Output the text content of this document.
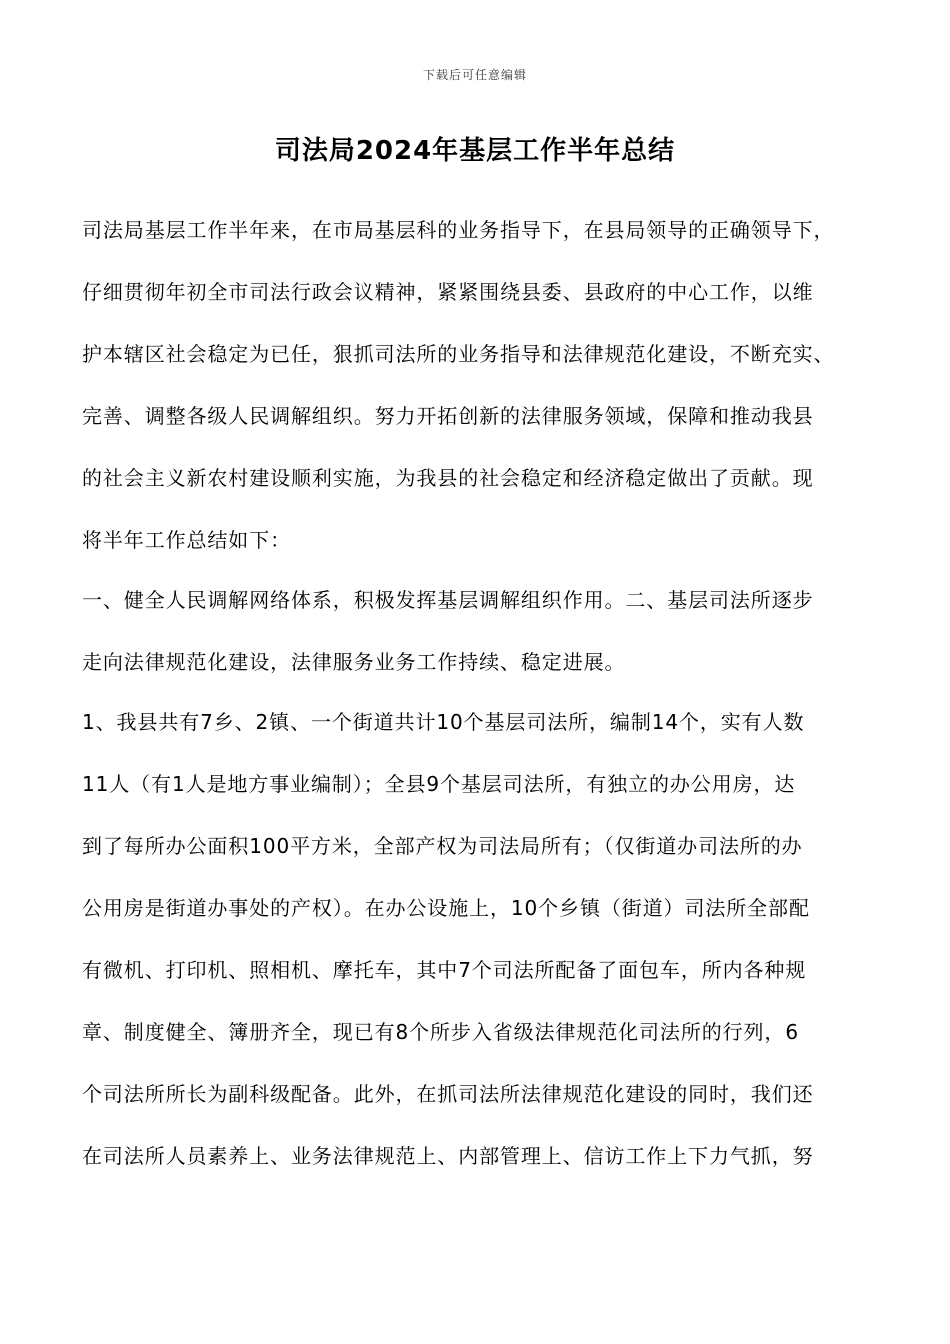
下载后可任意编辑
司法局2024年基层工作半年总结
司法局基层工作半年来，在市局基层科的业务指导下，在县局领导的正确领导下，
仔细贯彻年初全市司法行政会议精神，紧紧围绕县委、县政府的中心工作，以维
护本辖区社会稳定为已任，狠抓司法所的业务指导和法律规范化建设，不断充实、
完善、调整各级人民调解组织。努力开拓创新的法律服务领域，保障和推动我县
的社会主义新农村建设顺利实施，为我县的社会稳定和经济稳定做出了贡献。现
将半年工作总结如下：
一、健全人民调解网络体系，积极发挥基层调解组织作用。二、基层司法所逐步
走向法律规范化建设，法律服务业务工作持续、稳定进展。
1、我县共有7乡、2镇、一个街道共计10个基层司法所，编制14个，实有人数
11人（有1人是地方事业编制）；全县9个基层司法所，有独立的办公用房，达
到了每所办公面积100平方米，全部产权为司法局所有；（仅街道办司法所的办
公用房是街道办事处的产权）。在办公设施上，10个乡镇（街道）司法所全部配
有微机、打印机、照相机、摩托车，其中7个司法所配备了面包车，所内各种规
章、制度健全、簿册齐全，现已有8个所步入省级法律规范化司法所的行列，6
个司法所所长为副科级配备。此外，在抓司法所法律规范化建设的同时，我们还
在司法所人员素养上、业务法律规范上、内部管理上、信访工作上下力气抓，努
